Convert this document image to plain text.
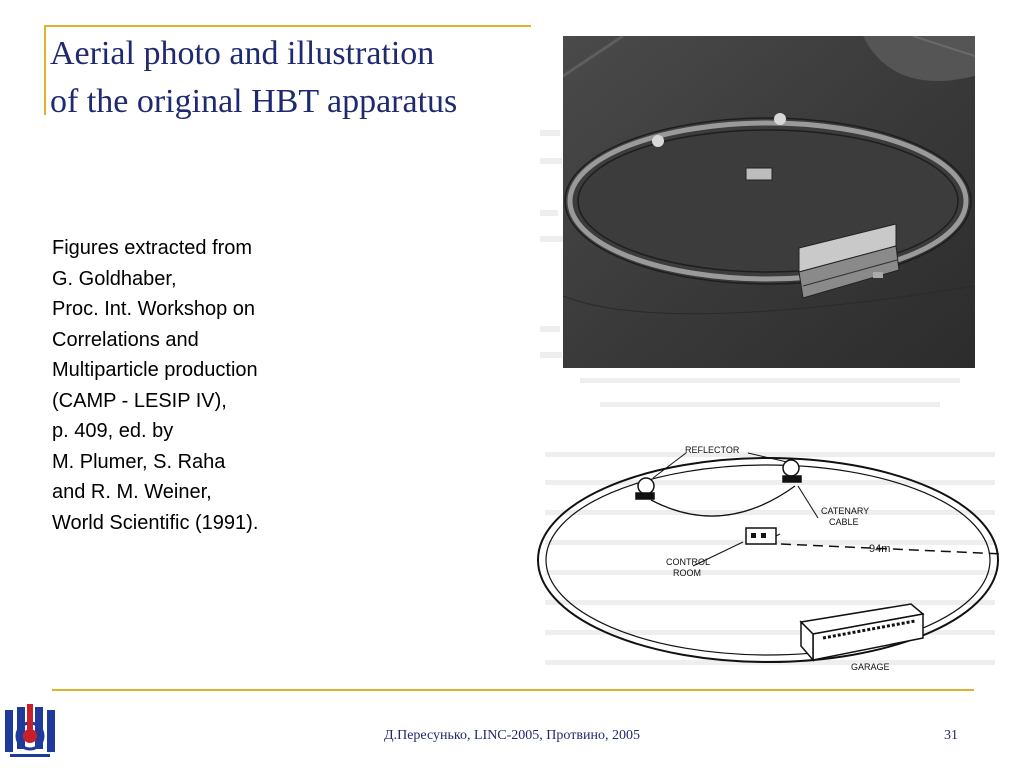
Aerial photo and illustration
of the original HBT apparatus
Figures extracted from
G. Goldhaber,
Proc. Int. Workshop on
Correlations and
Multiparticle production
(CAMP - LESIP IV),
p. 409, ed. by
M. Plumer, S. Raha
and R. M. Weiner,
World Scientific (1991).
REFLECTOR
CATENARY
CABLE
94m
CONTROL
ROOM
GARAGE
Д.Пересунько, LINC-2005, Протвино, 2005	31
